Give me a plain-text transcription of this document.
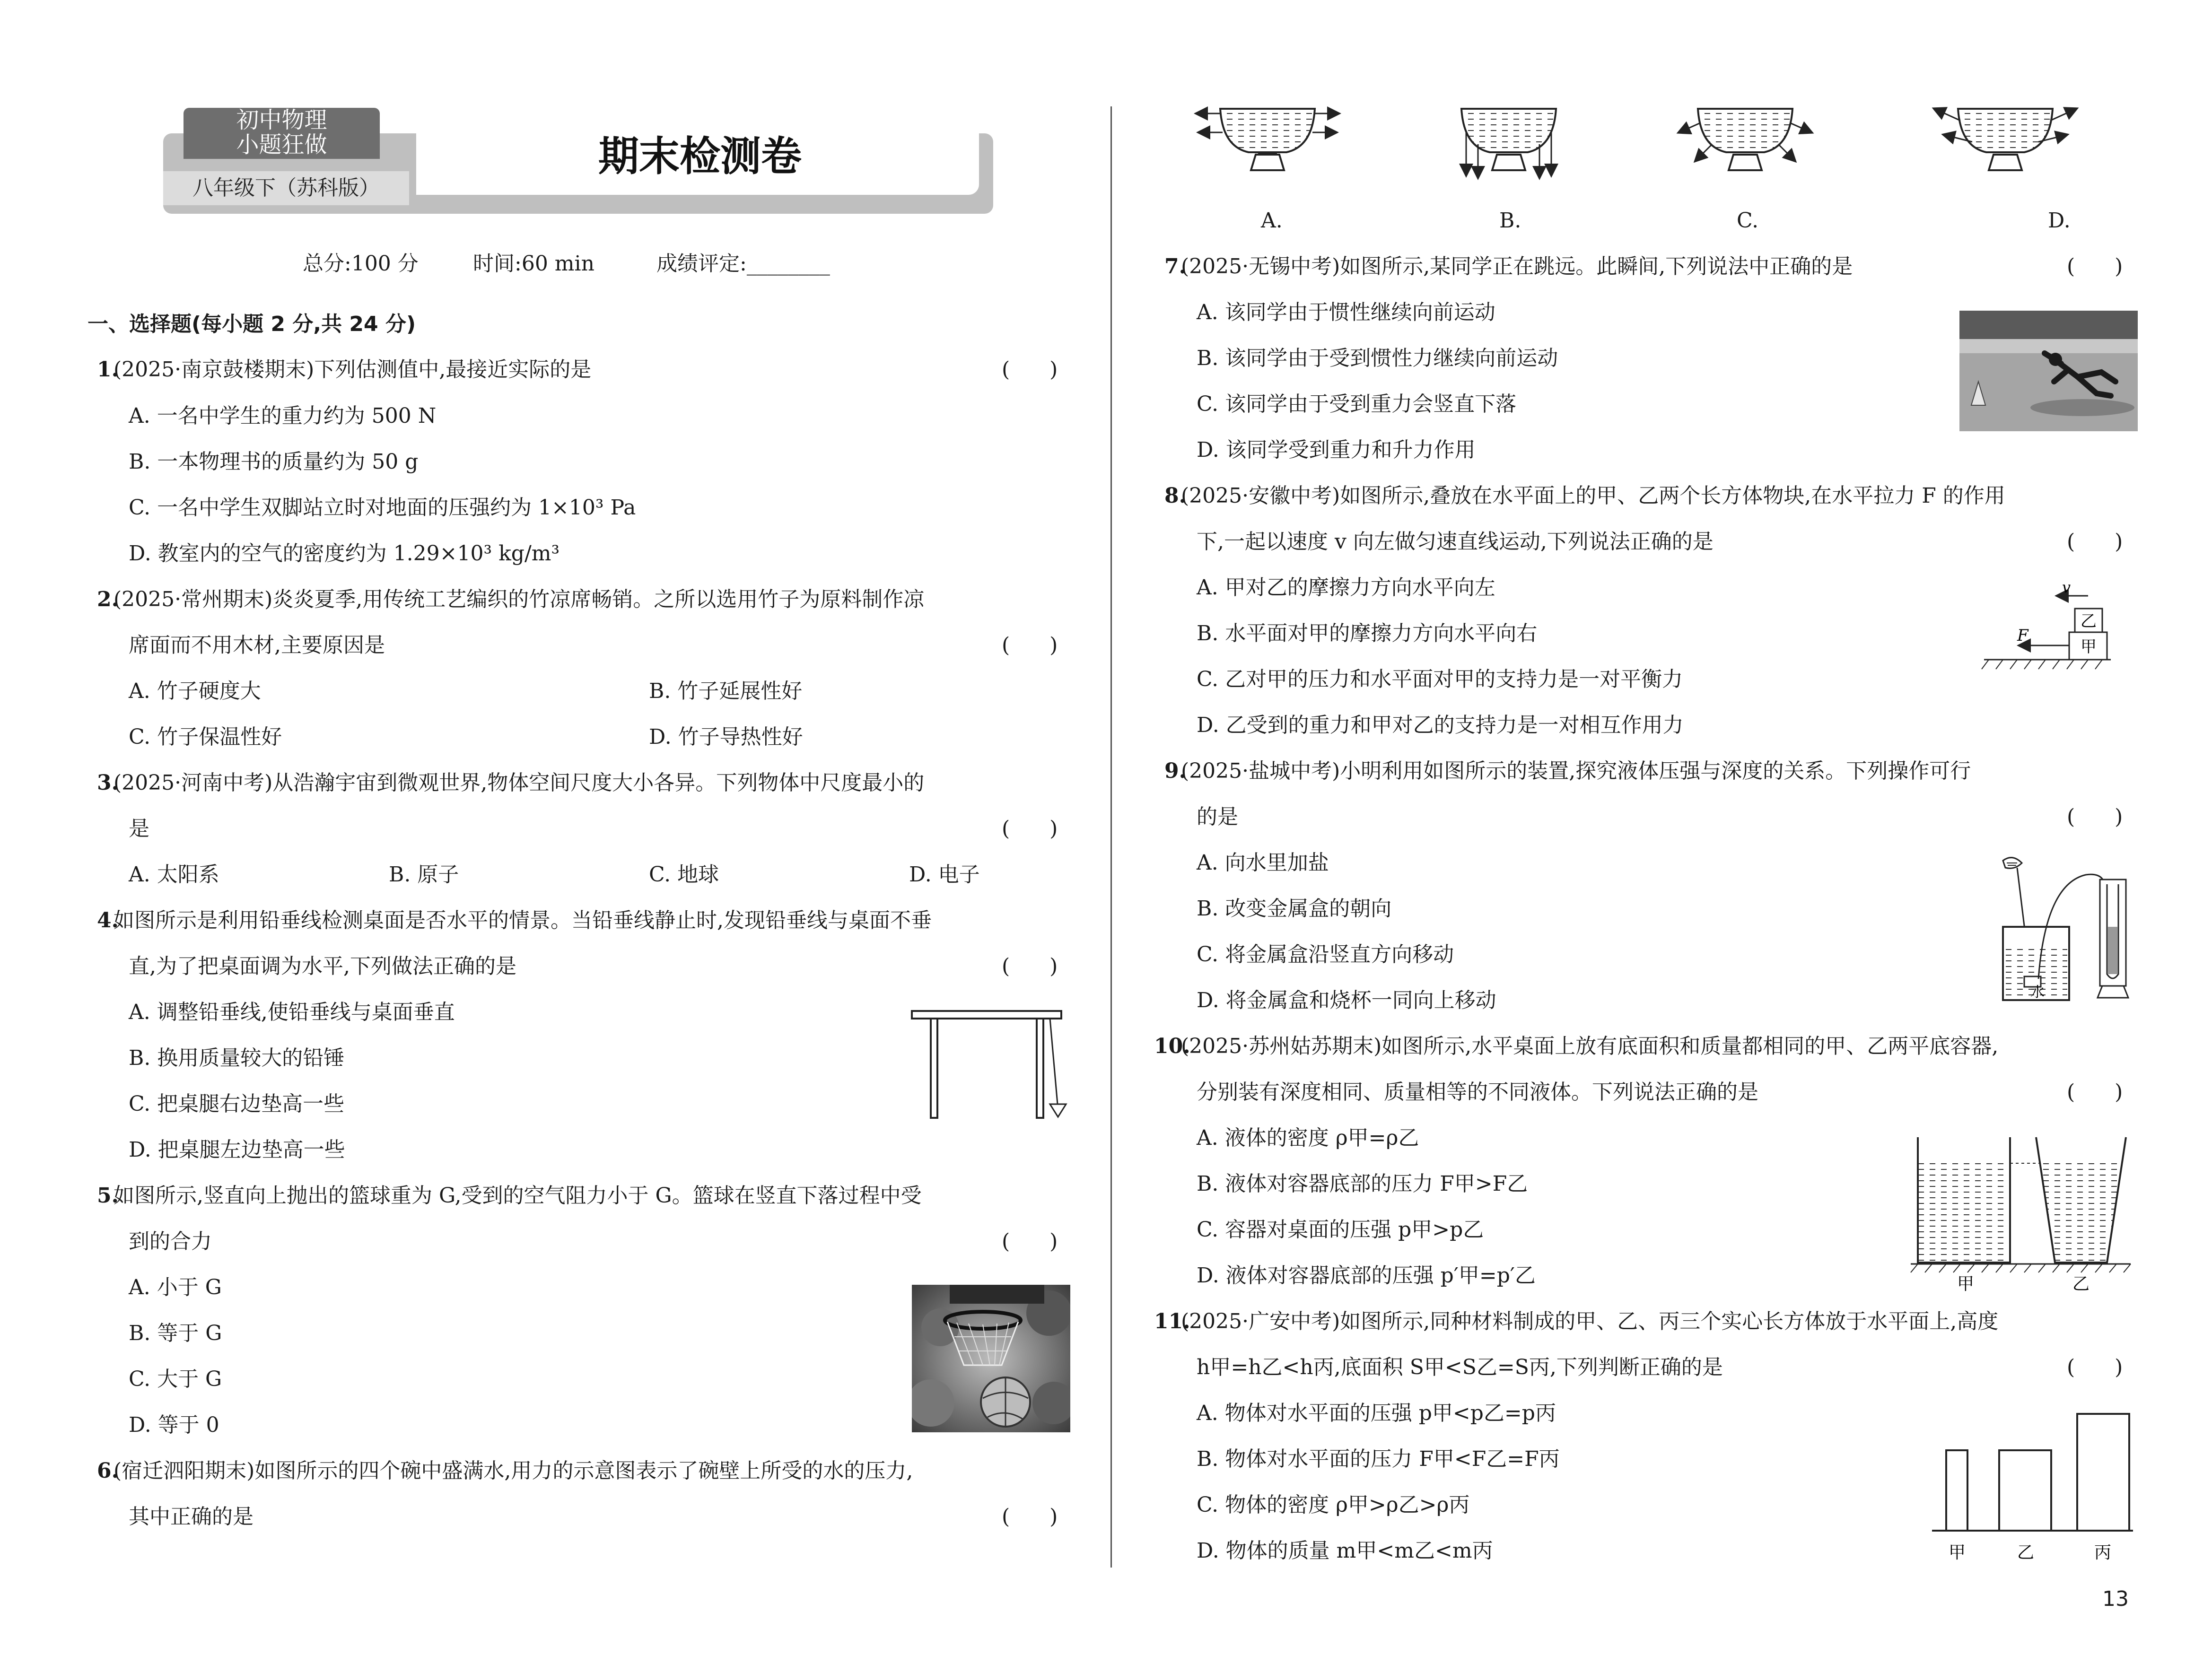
初中物理
小题狂做
八年级下（苏科版）
期末检测卷
总分:100 分	时间:60 min	成绩评定:________
一、选择题(每小题 2 分,共 24 分)
1.
(2025·南京鼓楼期末)下列估测值中,最接近实际的是	(      )
A. 一名中学生的重力约为 500 N
B. 一本物理书的质量约为 50 g
C. 一名中学生双脚站立时对地面的压强约为 1×10³ Pa
D. 教室内的空气的密度约为 1.29×10³ kg/m³
2.
(2025·常州期末)炎炎夏季,用传统工艺编织的竹凉席畅销。之所以选用竹子为原料制作凉
席面而不用木材,主要原因是	(      )
A. 竹子硬度大	B. 竹子延展性好
C. 竹子保温性好	D. 竹子导热性好
3.
(2025·河南中考)从浩瀚宇宙到微观世界,物体空间尺度大小各异。下列物体中尺度最小的
是	(      )
A. 太阳系	B. 原子	C. 地球	D. 电子
4.
如图所示是利用铅垂线检测桌面是否水平的情景。当铅垂线静止时,发现铅垂线与桌面不垂
直,为了把桌面调为水平,下列做法正确的是	(      )
A. 调整铅垂线,使铅垂线与桌面垂直
B. 换用质量较大的铅锤
C. 把桌腿右边垫高一些
D. 把桌腿左边垫高一些
5.
如图所示,竖直向上抛出的篮球重为 G,受到的空气阻力小于 G。篮球在竖直下落过程中受
到的合力	(      )
A. 小于 G
B. 等于 G
C. 大于 G
D. 等于 0
6.
(宿迁泗阳期末)如图所示的四个碗中盛满水,用力的示意图表示了碗壁上所受的水的压力,
其中正确的是	(      )
A.	B.	C.	D.
7.
(2025·无锡中考)如图所示,某同学正在跳远。此瞬间,下列说法中正确的是	(      )
A. 该同学由于惯性继续向前运动
B. 该同学由于受到惯性力继续向前运动
C. 该同学由于受到重力会竖直下落
D. 该同学受到重力和升力作用
8.
(2025·安徽中考)如图所示,叠放在水平面上的甲、乙两个长方体物块,在水平拉力 F 的作用
下,一起以速度 v 向左做匀速直线运动,下列说法正确的是	(      )
A. 甲对乙的摩擦力方向水平向左
B. 水平面对甲的摩擦力方向水平向右
C. 乙对甲的压力和水平面对甲的支持力是一对平衡力
D. 乙受到的重力和甲对乙的支持力是一对相互作用力
v
乙
甲
F
9.
(2025·盐城中考)小明利用如图所示的装置,探究液体压强与深度的关系。下列操作可行
的是	(      )
A. 向水里加盐
B. 改变金属盒的朝向
C. 将金属盒沿竖直方向移动
D. 将金属盒和烧杯一同向上移动	水
10.
(2025·苏州姑苏期末)如图所示,水平桌面上放有底面积和质量都相同的甲、乙两平底容器,
分别装有深度相同、质量相等的不同液体。下列说法正确的是	(      )
A. 液体的密度 ρ甲=ρ乙
B. 液体对容器底部的压力 F甲>F乙
C. 容器对桌面的压强 p甲>p乙
D. 液体对容器底部的压强 p′甲=p′乙	甲	乙
11.
(2025·广安中考)如图所示,同种材料制成的甲、乙、丙三个实心长方体放于水平面上,高度
h甲=h乙<h丙,底面积 S甲<S乙=S丙,下列判断正确的是	(      )
A. 物体对水平面的压强 p甲<p乙=p丙
B. 物体对水平面的压力 F甲<F乙=F丙
C. 物体的密度 ρ甲>ρ乙>ρ丙
D. 物体的质量 m甲<m乙<m丙	甲	乙	丙
13
